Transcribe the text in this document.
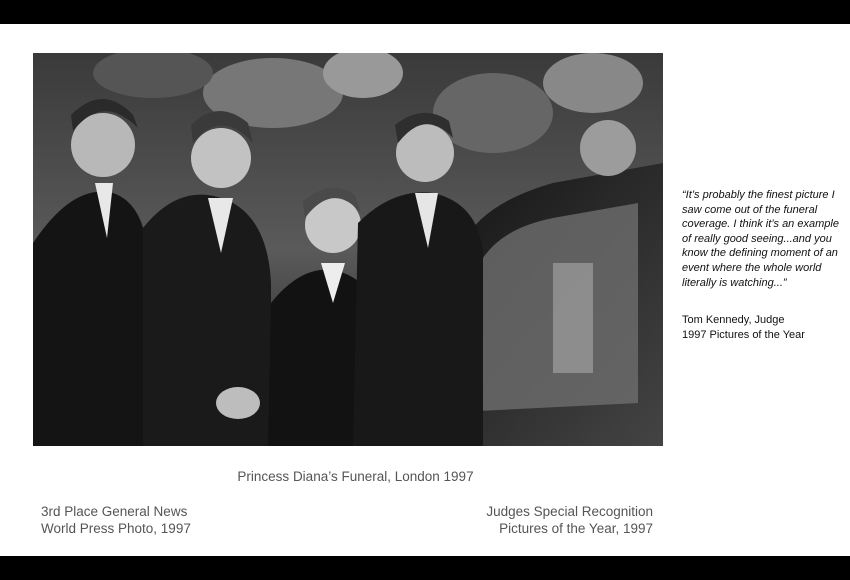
“It’s probably the finest picture I saw come out of the funeral coverage. I think it’s an example of really good seeing...and you know the defining moment of an event where the whole world literally is watching...”
Tom Kennedy, Judge
1997 Pictures of the Year
Princess Diana’s Funeral, London 1997
3rd Place General News
World Press Photo, 1997
Judges Special Recognition
Pictures of the Year, 1997
